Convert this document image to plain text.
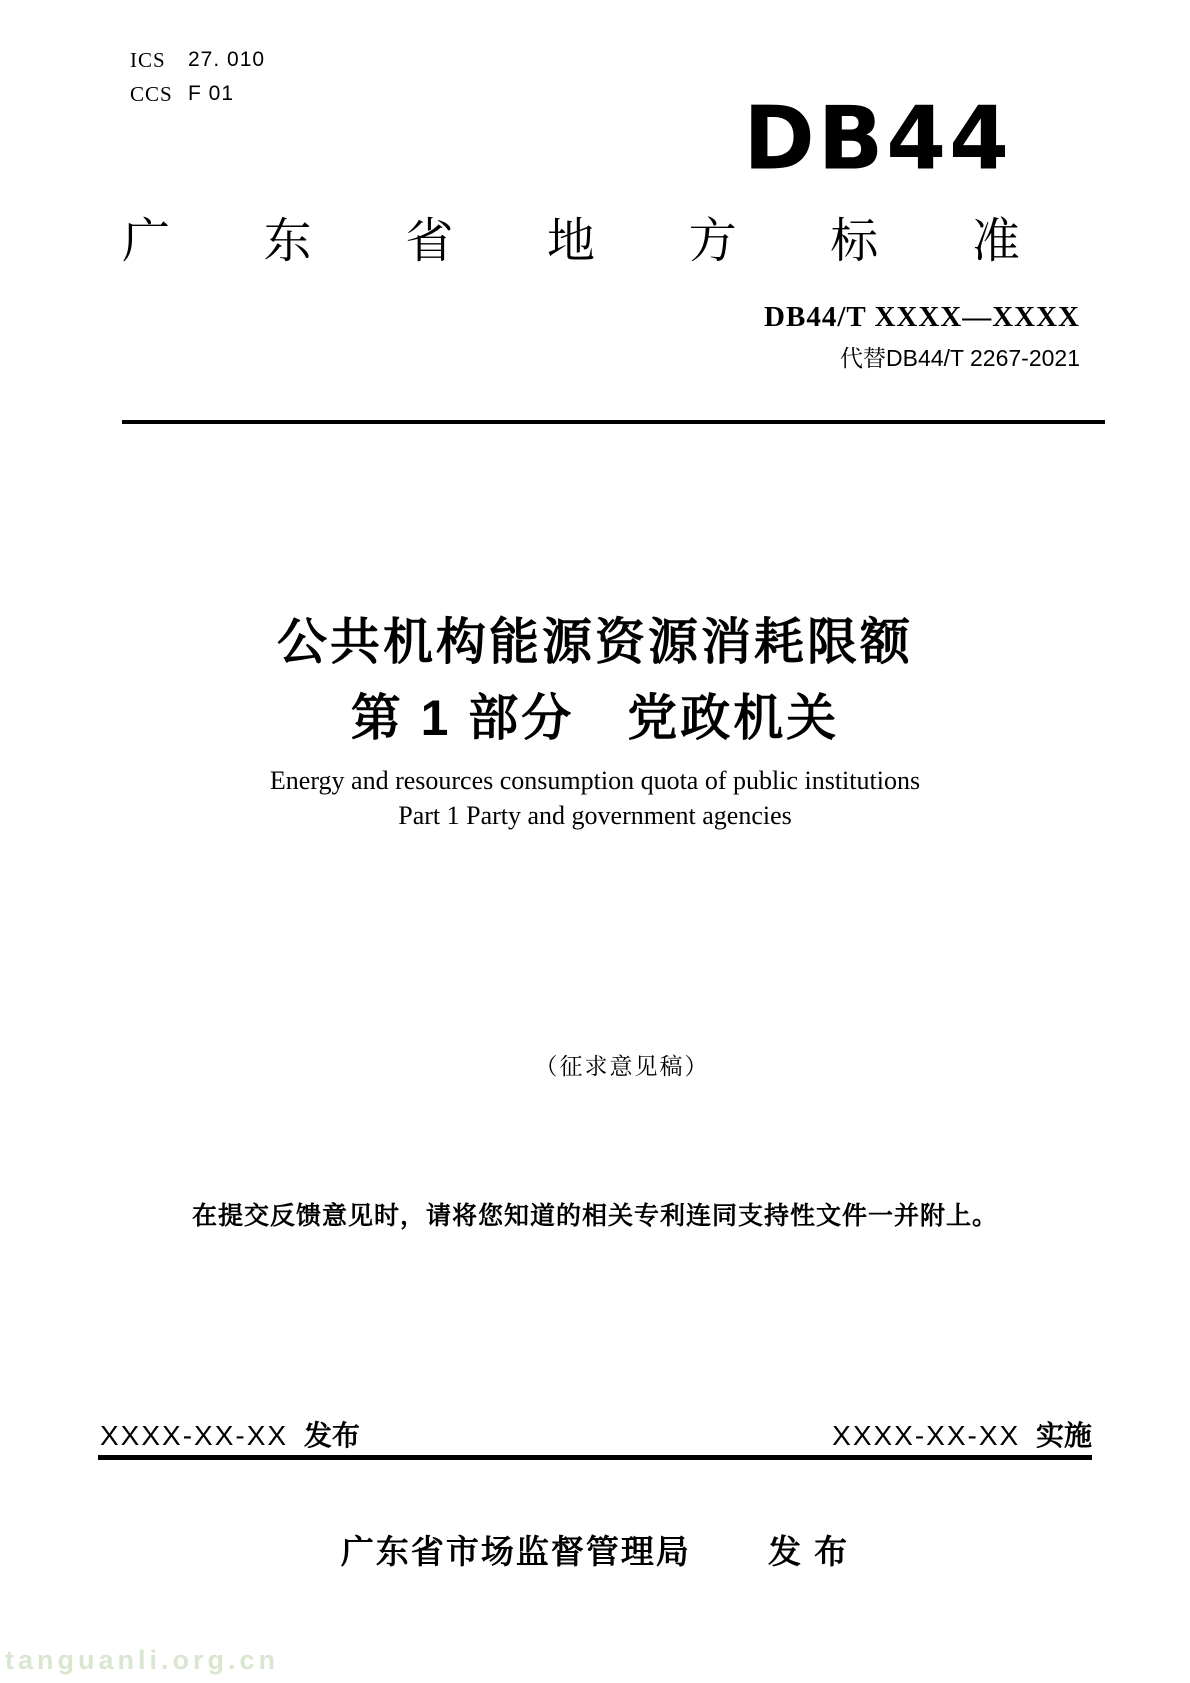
ICS	27. 010
CCS F 01	DB44
广 东 省 地 方 标 准
DB44/T XXXX—XXXX
代替DB44/T 2267-2021
公共机构能源资源消耗限额
第 1 部分　党政机关
Energy and resources consumption quota of public institutions
Part 1 Party and government agencies
（征求意见稿）
在提交反馈意见时，请将您知道的相关专利连同支持性文件一并附上。
XXXX-XX-XX 发布	XXXX-XX-XX 实施
广东省市场监督管理局 发 布
tanguanli.org.cn
